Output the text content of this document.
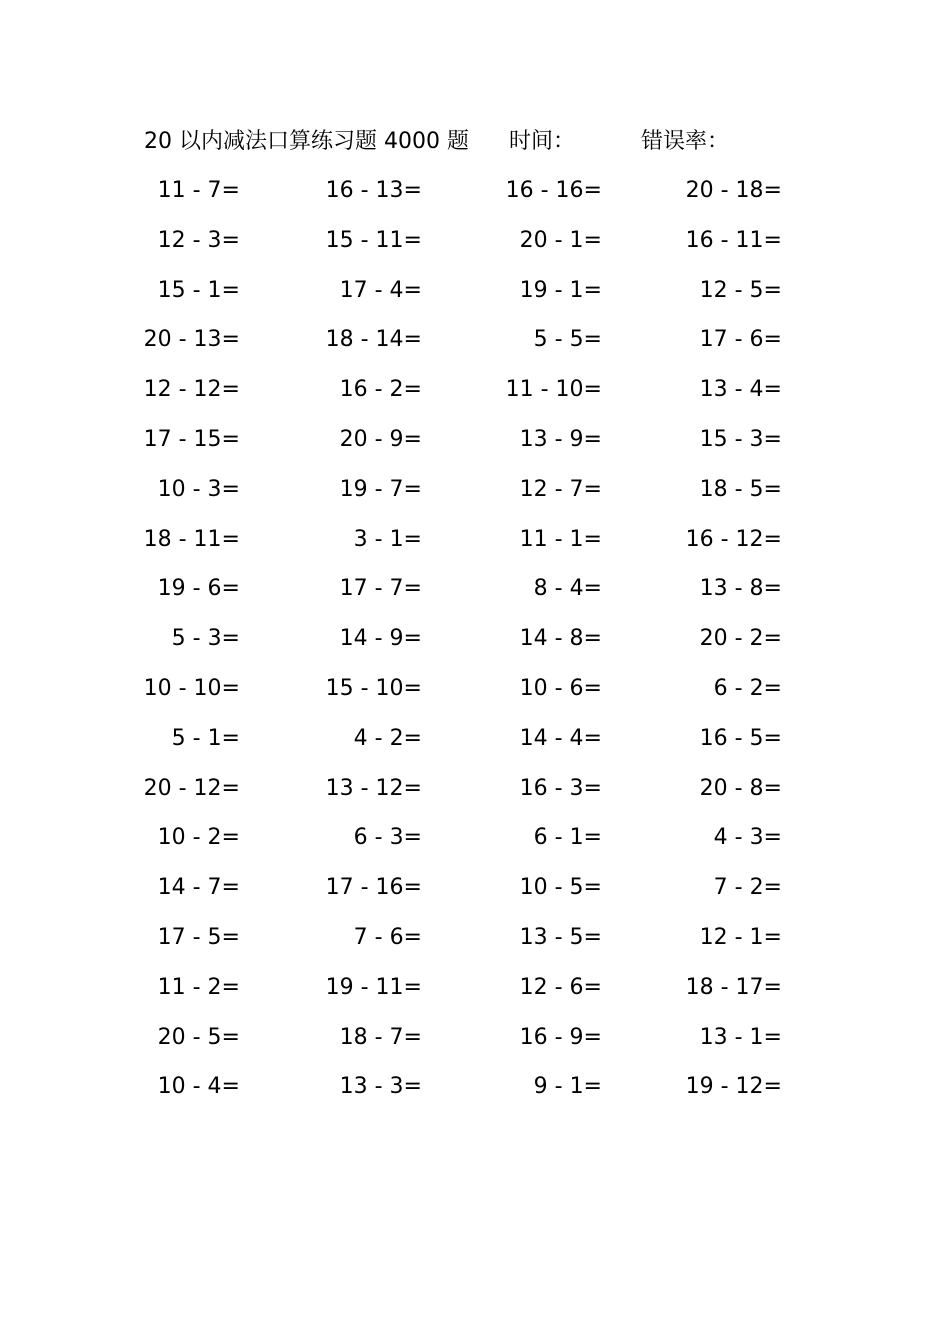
20 以内减法口算练习题 4000 题 时间：	错误率：
11 - 7=	16 - 13=	16 - 16=	20 - 18=
12 - 3=	15 - 11=	20 - 1=	16 - 11=
15 - 1=	17 - 4=	19 - 1=	12 - 5=
20 - 13=	18 - 14=	5 - 5=	17 - 6=
12 - 12=	16 - 2=	11 - 10=	13 - 4=
17 - 15=	20 - 9=	13 - 9=	15 - 3=
10 - 3=	19 - 7=	12 - 7=	18 - 5=
18 - 11=	3 - 1=	11 - 1=	16 - 12=
19 - 6=	17 - 7=	8 - 4=	13 - 8=
5 - 3=	14 - 9=	14 - 8=	20 - 2=
10 - 10=	15 - 10=	10 - 6=	6 - 2=
5 - 1=	4 - 2=	14 - 4=	16 - 5=
20 - 12=	13 - 12=	16 - 3=	20 - 8=
10 - 2=	6 - 3=	6 - 1=	4 - 3=
14 - 7=	17 - 16=	10 - 5=	7 - 2=
17 - 5=	7 - 6=	13 - 5=	12 - 1=
11 - 2=	19 - 11=	12 - 6=	18 - 17=
20 - 5=	18 - 7=	16 - 9=	13 - 1=
10 - 4=	13 - 3=	9 - 1=	19 - 12=
